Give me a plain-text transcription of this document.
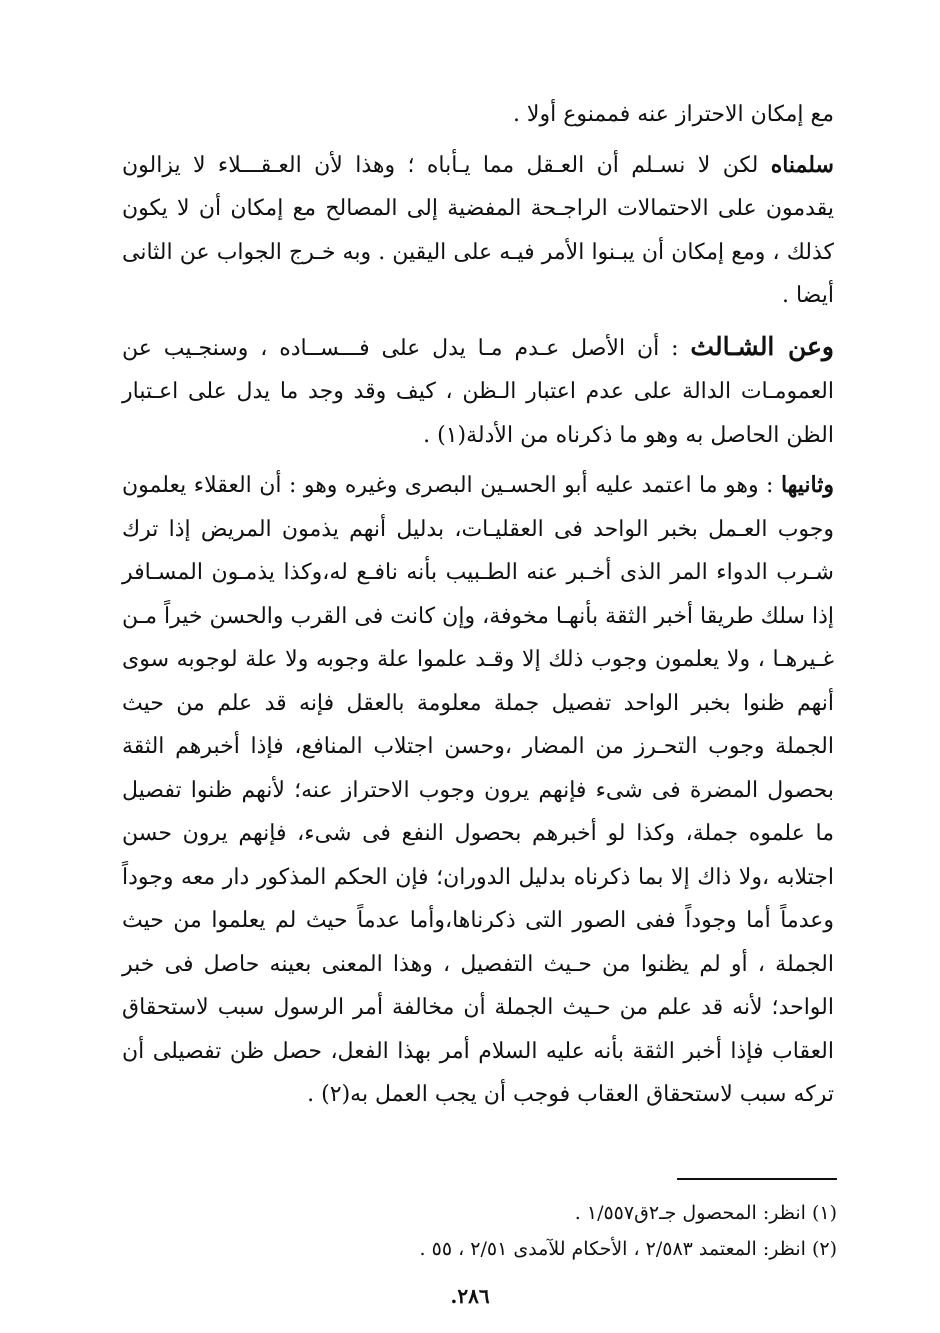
مع إمكان الاحتراز عنه فممنوع أولا .

سلمناه لكن لا نسـلم أن العـقل مما يـأباه ؛ وهذا لأن العـقـــلاء لا يزالون يقدمون على الاحتمالات الراجـحة المفضية إلى المصالح مع إمكان أن لا يكون كذلك ، ومع إمكان أن يبـنوا الأمر فيـه على اليقين . وبه خـرج الجواب عن الثانى أيضا .

وعن الشـالث : أن الأصل عـدم مـا يدل على فـــســاده ، وسنجـيب عن العمومـات الدالة على عدم اعتبار الـظن ، كيف وقد وجد ما يدل على اعـتبار الظن الحاصل به وهو ما ذكرناه من الأدلة(١) .

وثانيها : وهو ما اعتمد عليه أبو الحسـين البصرى وغيره وهو : أن العقلاء يعلمون وجوب العـمل بخبر الواحد فى العقليـات، بدليل أنهم يذمون المريض إذا ترك شـرب الدواء المر الذى أخـبر عنه الطـبيب بأنه نافـع له،وكذا يذمـون المسـافر إذا سلك طريقا أخبر الثقة بأنهـا مخوفة، وإن كانت فى القرب والحسن خيراً مـن غـيرهـا ، ولا يعلمون وجوب ذلك إلا وقـد علموا علة وجوبه ولا علة لوجوبه سوى أنهم ظنوا بخبر الواحد تفصيل جملة معلومة بالعقل فإنه قد علم من حيث الجملة وجوب التحـرز من المضار ،وحسن اجتلاب المنافع، فإذا أخبرهم الثقة بحصول المضرة فى شىء فإنهم يرون وجوب الاحتراز عنه؛ لأنهم ظنوا تفصيل ما علموه جملة، وكذا لو أخبرهم بحصول النفع فى شىء، فإنهم يرون حسن اجتلابه ،ولا ذاك إلا بما ذكرناه بدليل الدوران؛ فإن الحكم المذكور دار معه وجوداً وعدماً أما وجوداً ففى الصور التى ذكرناها،وأما عدماً حيث لم يعلموا من حيث الجملة ، أو لم يظنوا من حـيث التفصيل ، وهذا المعنى بعينه حاصل فى خبر الواحد؛ لأنه قد علم من حـيث الجملة أن مخالفة أمر الرسول سبب لاستحقاق العقاب فإذا أخبر الثقة بأنه عليه السلام أمر بهذا الفعل، حصل ظن تفصيلى أن تركه سبب لاستحقاق العقاب فوجب أن يجب العمل به(٢) .

(١) انظر: المحصول جـ٢ق١/٥٥٧ .

(٢) انظر: المعتمد ٢/٥٨٣ ، الأحكام للآمدى ٢/٥١ ، ٥٥ .

٢٨٦.
